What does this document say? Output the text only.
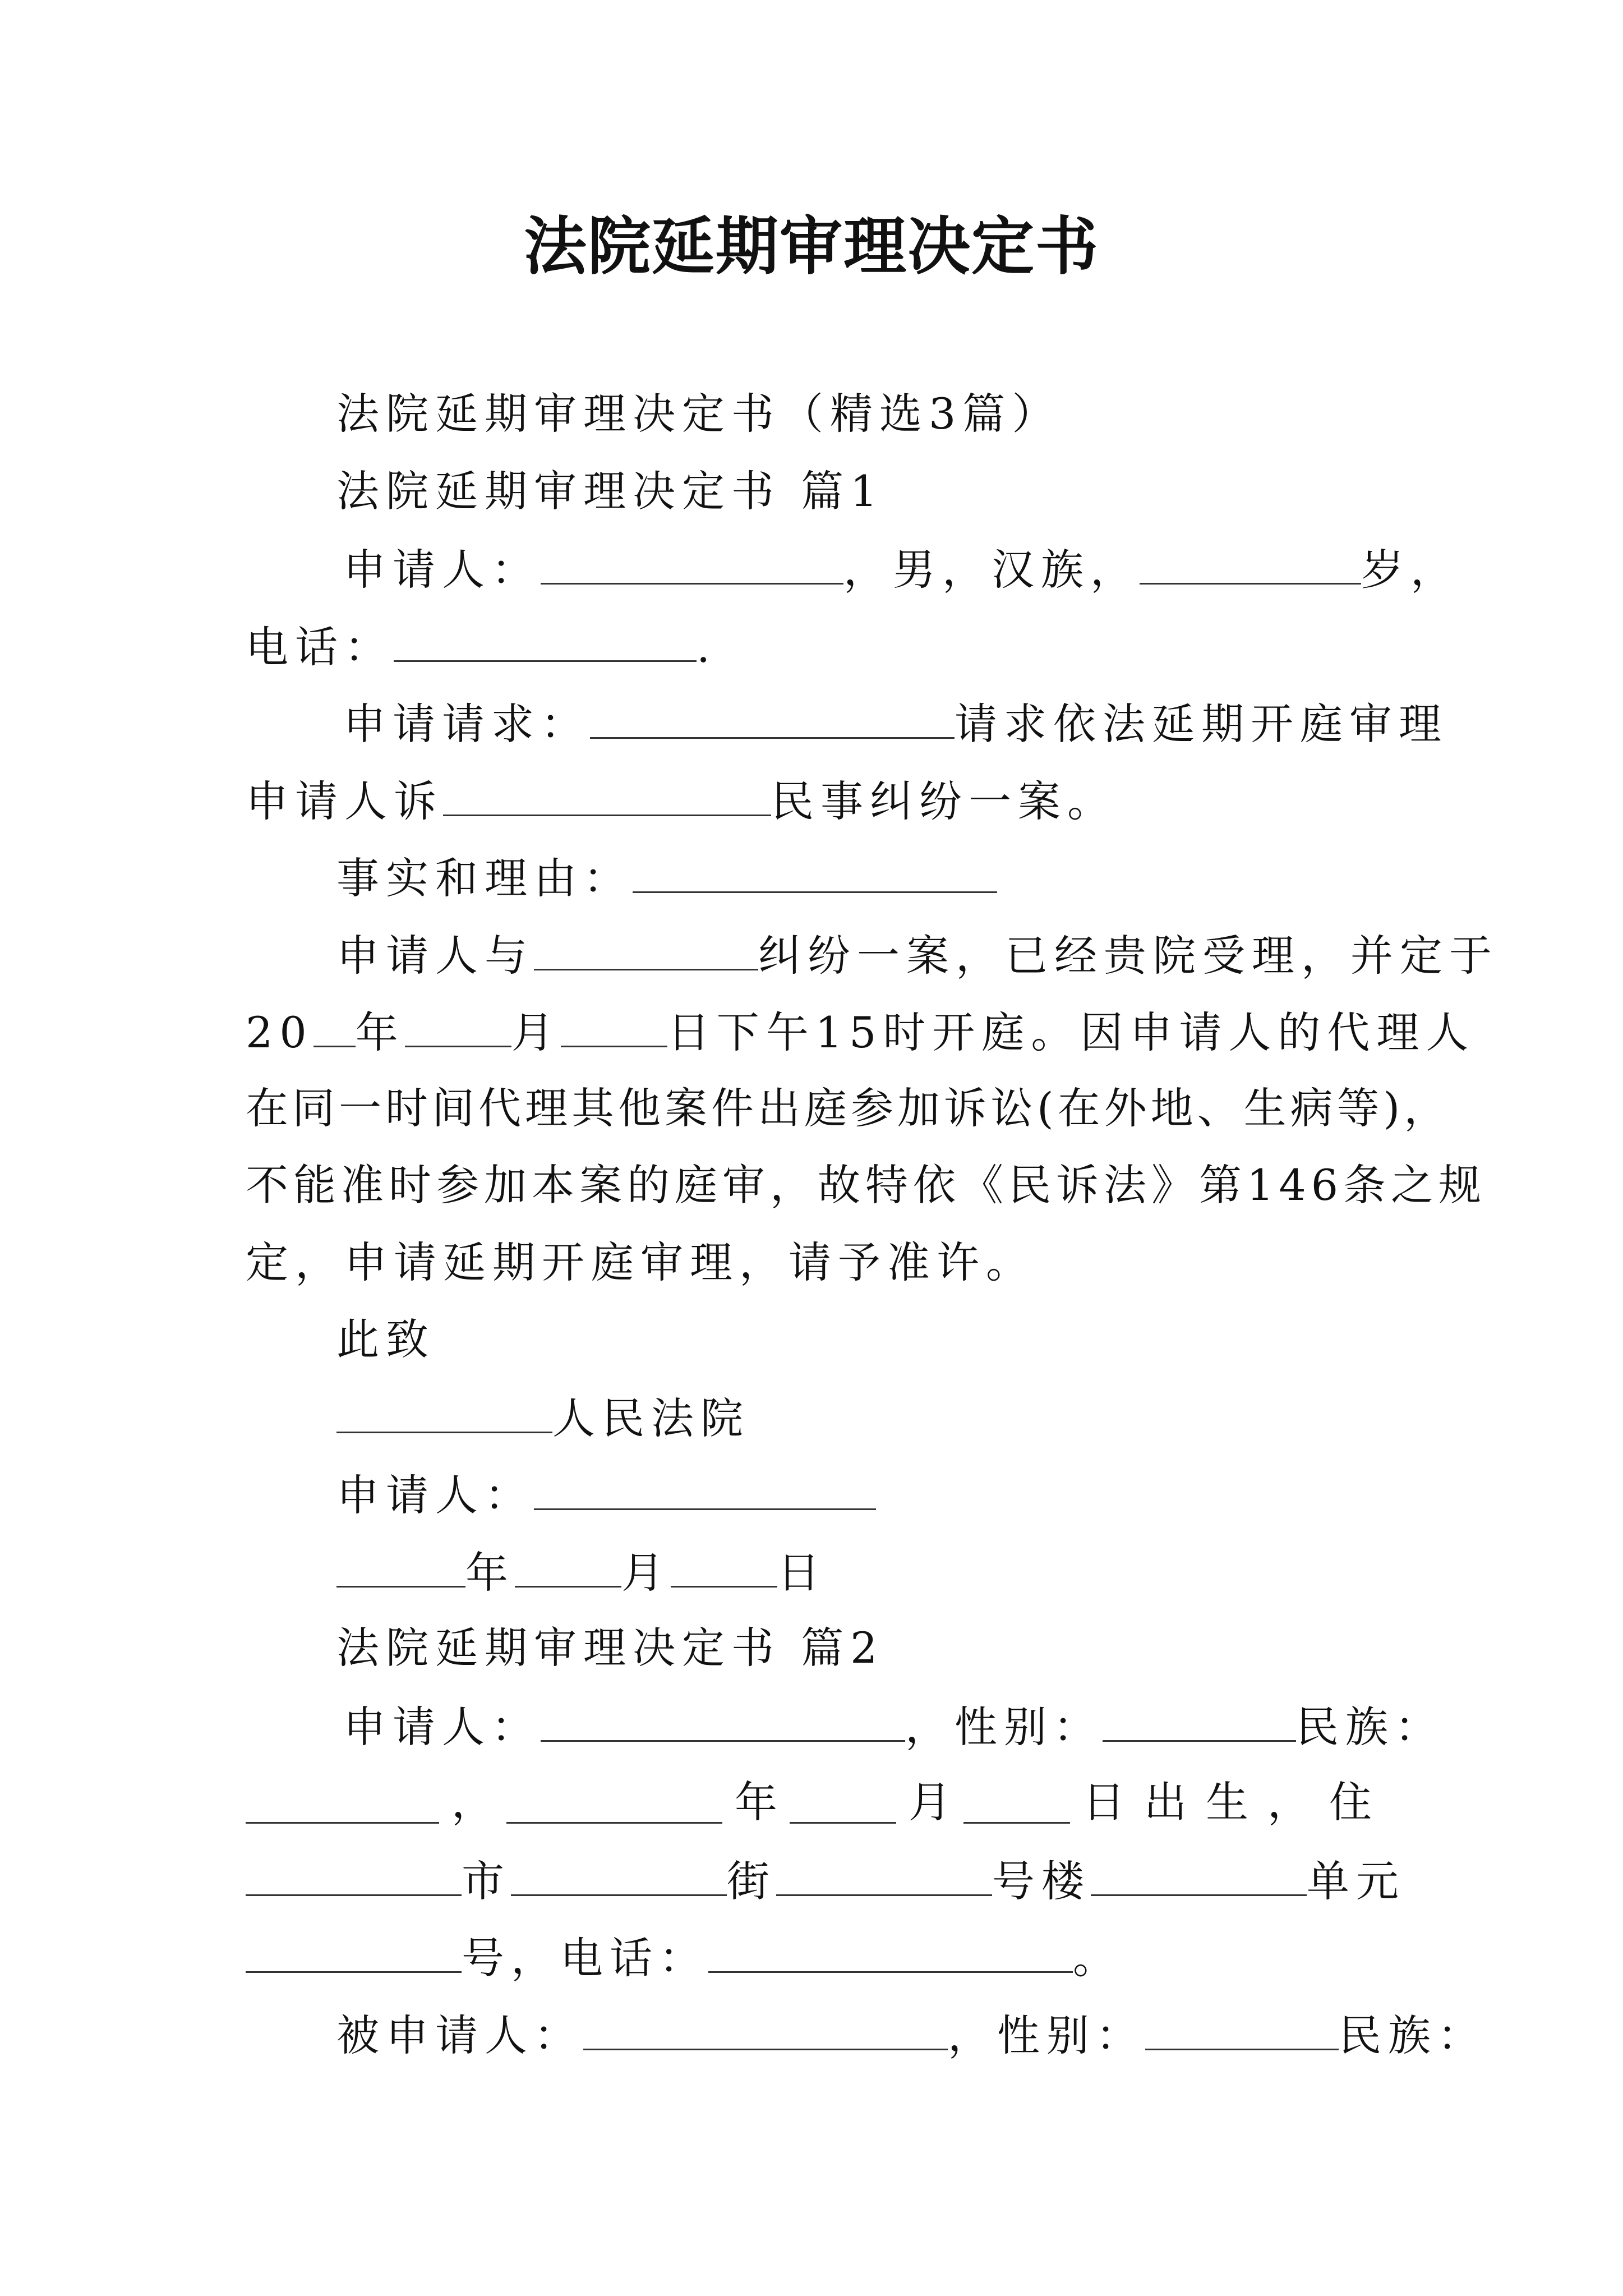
法院延期审理决定书
法院延期审理决定书（精选3篇）
法院延期审理决定书 篇1
申请人：	，男，汉族，	岁，
电话：	.
申请请求：	请求依法延期开庭审理
申请人诉	民事纠纷一案。
事实和理由：
申请人与	纠纷一案，已经贵院受理，并定于
20 年	月	日下午15时开庭。因申请人的代理人
在同一时间代理其他案件出庭参加诉讼(在外地、生病等)，
不能准时参加本案的庭审，故特依《民诉法》第146条之规
定，申请延期开庭审理，请予准许。
此致
人民法院
申请人：
年	月	日
法院延期审理决定书 篇2
申请人：	，性别：	民族：
，	年	月	日出生，住
市	街	号楼	单元
号，电话：	。
被申请人：	，性别：	民族：
